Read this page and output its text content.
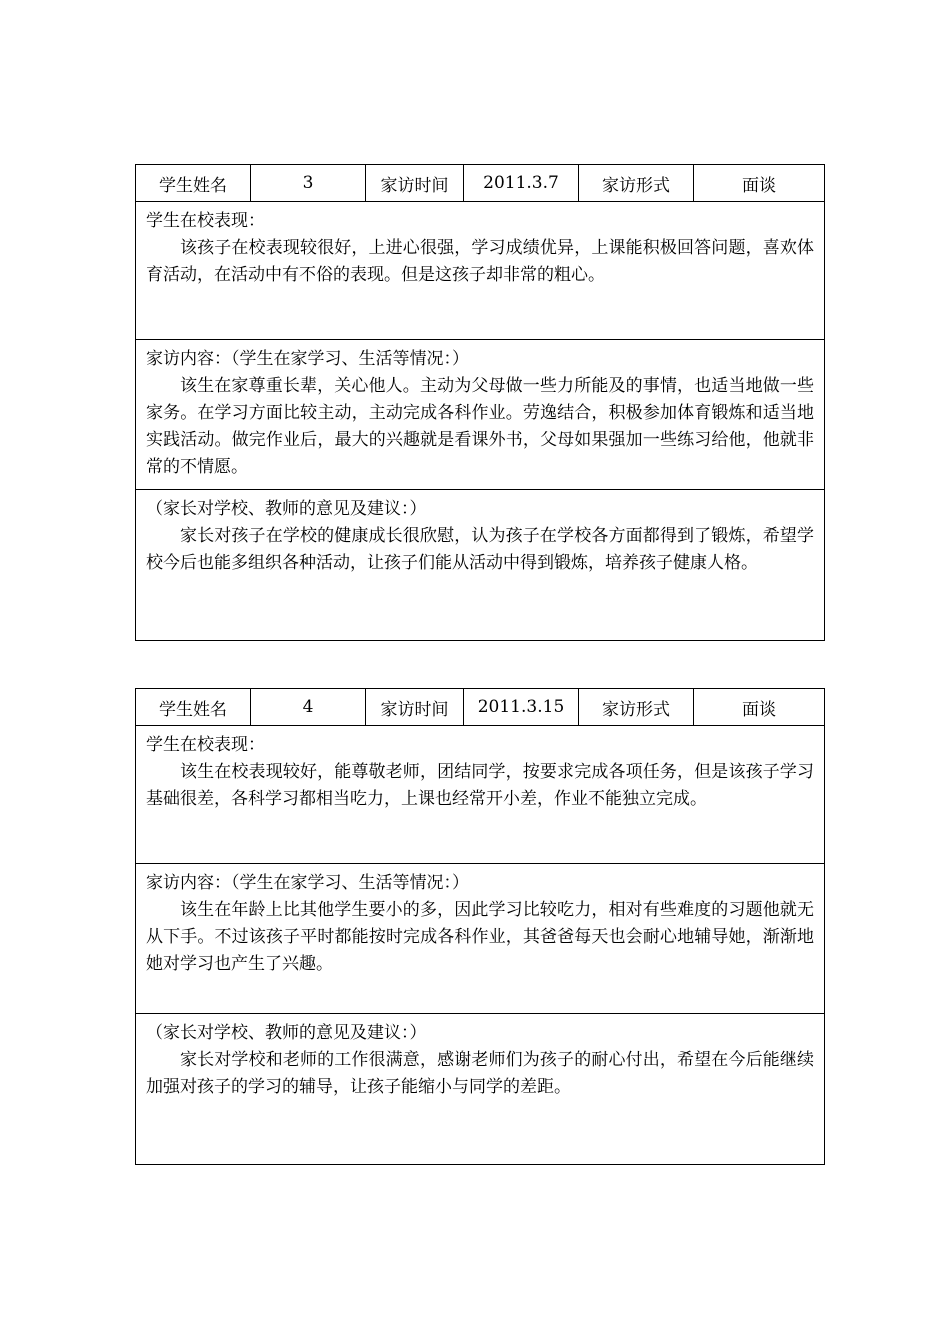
学生姓名	3	家访时间	2011.3.7	家访形式	面谈

学生在校表现：
该孩子在校表现较很好，上进心很强，学习成绩优异，上课能积极回答问题，喜欢体育活动，在活动中有不俗的表现。但是这孩子却非常的粗心。

家访内容：（学生在家学习、生活等情况：）
该生在家尊重长辈，关心他人。主动为父母做一些力所能及的事情，也适当地做一些家务。在学习方面比较主动，主动完成各科作业。劳逸结合，积极参加体育锻炼和适当地实践活动。做完作业后，最大的兴趣就是看课外书，父母如果强加一些练习给他，他就非常的不情愿。

（家长对学校、教师的意见及建议：）
家长对孩子在学校的健康成长很欣慰，认为孩子在学校各方面都得到了锻炼，希望学校今后也能多组织各种活动，让孩子们能从活动中得到锻炼，培养孩子健康人格。
学生姓名	4	家访时间	2011.3.15	家访形式	面谈

学生在校表现：
该生在校表现较好，能尊敬老师，团结同学，按要求完成各项任务，但是该孩子学习基础很差，各科学习都相当吃力，上课也经常开小差，作业不能独立完成。

家访内容：（学生在家学习、生活等情况：）
该生在年龄上比其他学生要小的多，因此学习比较吃力，相对有些难度的习题他就无从下手。不过该孩子平时都能按时完成各科作业，其爸爸每天也会耐心地辅导她，渐渐地她对学习也产生了兴趣。

（家长对学校、教师的意见及建议：）
家长对学校和老师的工作很满意，感谢老师们为孩子的耐心付出，希望在今后能继续加强对孩子的学习的辅导，让孩子能缩小与同学的差距。
